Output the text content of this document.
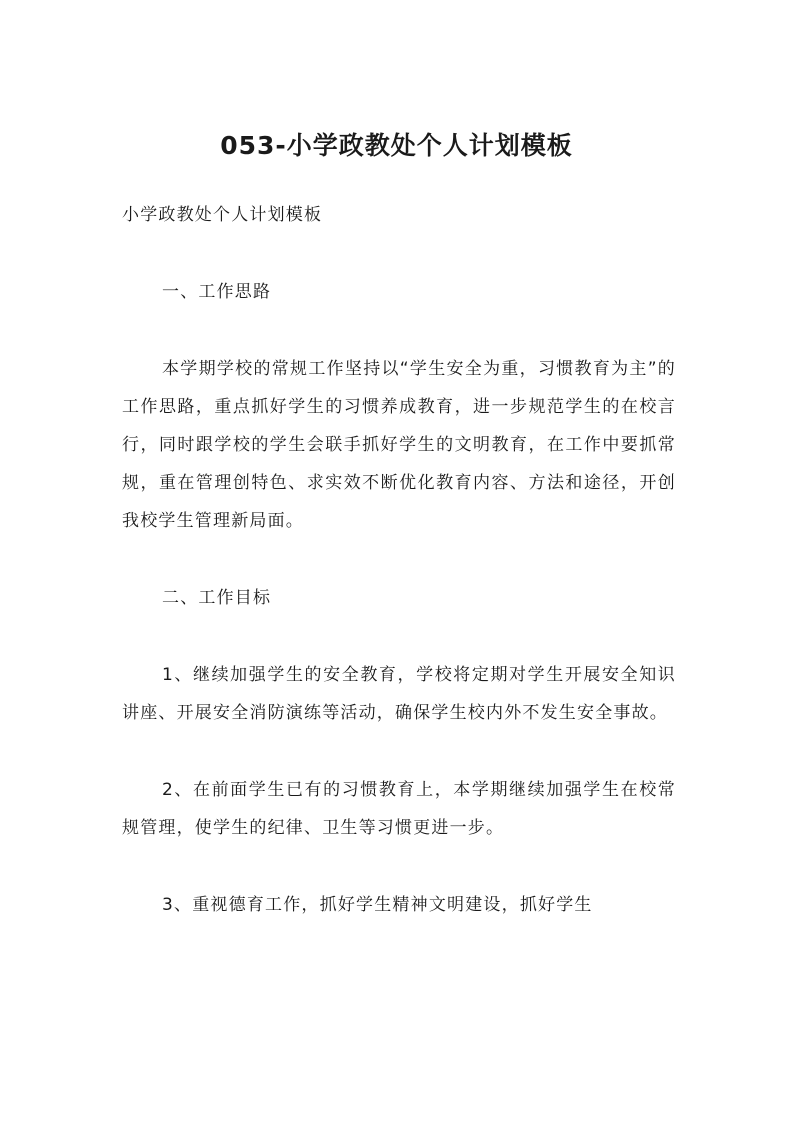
053-小学政教处个人计划模板

小学政教处个人计划模板

一、工作思路

本学期学校的常规工作坚持以“学生安全为重，习惯教育为主”的工作思路，重点抓好学生的习惯养成教育，进一步规范学生的在校言行，同时跟学校的学生会联手抓好学生的文明教育，在工作中要抓常规，重在管理创特色、求实效不断优化教育内容、方法和途径，开创我校学生管理新局面。

二、工作目标

1、继续加强学生的安全教育，学校将定期对学生开展安全知识讲座、开展安全消防演练等活动，确保学生校内外不发生安全事故。

2、在前面学生已有的习惯教育上，本学期继续加强学生在校常规管理，使学生的纪律、卫生等习惯更进一步。

3、重视德育工作，抓好学生精神文明建设，抓好学生
